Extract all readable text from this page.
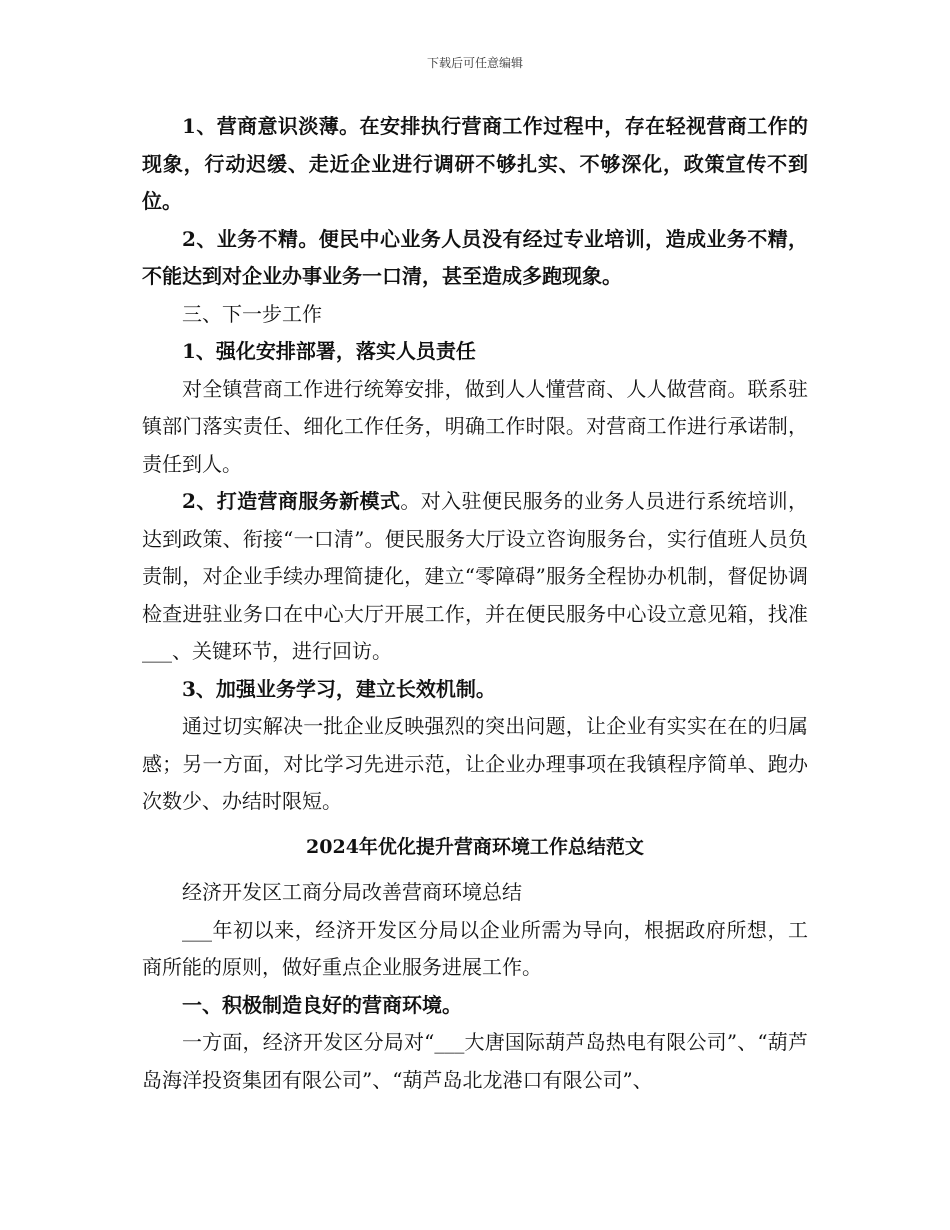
下载后可任意编辑

1、营商意识淡薄。在安排执行营商工作过程中，存在轻视营商工作的现象，行动迟缓、走近企业进行调研不够扎实、不够深化，政策宣传不到位。

2、业务不精。便民中心业务人员没有经过专业培训，造成业务不精，不能达到对企业办事业务一口清，甚至造成多跑现象。

三、下一步工作

1、强化安排部署，落实人员责任

对全镇营商工作进行统筹安排，做到人人懂营商、人人做营商。联系驻镇部门落实责任、细化工作任务，明确工作时限。对营商工作进行承诺制，责任到人。

2、打造营商服务新模式。对入驻便民服务的业务人员进行系统培训，达到政策、衔接“一口清”。便民服务大厅设立咨询服务台，实行值班人员负责制，对企业手续办理简捷化，建立“零障碍”服务全程协办机制，督促协调检查进驻业务口在中心大厅开展工作，并在便民服务中心设立意见箱，找准___、关键环节，进行回访。

3、加强业务学习，建立长效机制。

通过切实解决一批企业反映强烈的突出问题，让企业有实实在在的归属感；另一方面，对比学习先进示范，让企业办理事项在我镇程序简单、跑办次数少、办结时限短。

2024年优化提升营商环境工作总结范文

经济开发区工商分局改善营商环境总结

___年初以来，经济开发区分局以企业所需为导向，根据政府所想，工商所能的原则，做好重点企业服务进展工作。

一、积极制造良好的营商环境。

一方面，经济开发区分局对“___大唐国际葫芦岛热电有限公司”、“葫芦岛海洋投资集团有限公司”、“葫芦岛北龙港口有限公司”、
